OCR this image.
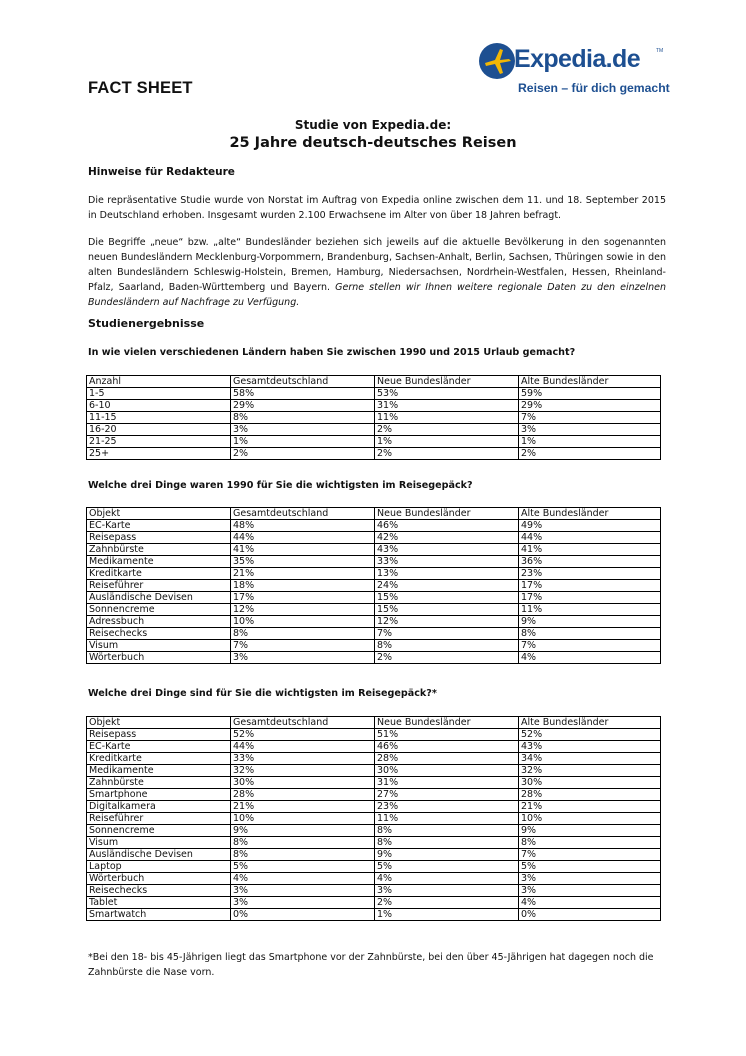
FACT SHEET
Expedia.de	TM
Reisen – für dich gemacht

Studie von Expedia.de:

25 Jahre deutsch-deutsches Reisen
Hinweise für Redakteure

Die repräsentative Studie wurde von Norstat im Auftrag von Expedia online zwischen dem 11. und 18. September 2015 in Deutschland erhoben. Insgesamt wurden 2.100 Erwachsene im Alter von über 18 Jahren befragt.

Die Begriffe „neue“ bzw. „alte“ Bundesländer beziehen sich jeweils auf die aktuelle Bevölkerung in den sogenannten neuen Bundesländern Mecklenburg-Vorpommern, Brandenburg, Sachsen-Anhalt, Berlin, Sachsen, Thüringen sowie in den alten Bundesländern Schleswig-Holstein, Bremen, Hamburg, Niedersachsen, Nordrhein-Westfalen, Hessen, Rheinland-Pfalz, Saarland, Baden-Württemberg und Bayern. Gerne stellen wir Ihnen weitere regionale Daten zu den einzelnen Bundesländern auf Nachfrage zu Verfügung.

Studienergebnisse

In wie vielen verschiedenen Ländern haben Sie zwischen 1990 und 2015 Urlaub gemacht?

Anzahl	Gesamtdeutschland	Neue Bundesländer	Alte Bundesländer
1-5	58%	53%	59%
6-10	29%	31%	29%
11-15	8%	11%	7%
16-20	3%	2%	3%
21-25	1%	1%	1%
25+	2%	2%	2%

Welche drei Dinge waren 1990 für Sie die wichtigsten im Reisegepäck?

Objekt	Gesamtdeutschland	Neue Bundesländer	Alte Bundesländer
EC-Karte	48%	46%	49%
Reisepass	44%	42%	44%
Zahnbürste	41%	43%	41%
Medikamente	35%	33%	36%
Kreditkarte	21%	13%	23%
Reiseführer	18%	24%	17%
Ausländische Devisen	17%	15%	17%
Sonnencreme	12%	15%	11%
Adressbuch	10%	12%	9%
Reisechecks	8%	7%	8%
Visum	7%	8%	7%
Wörterbuch	3%	2%	4%

Welche drei Dinge sind für Sie die wichtigsten im Reisegepäck?*

Objekt	Gesamtdeutschland	Neue Bundesländer	Alte Bundesländer
Reisepass	52%	51%	52%
EC-Karte	44%	46%	43%
Kreditkarte	33%	28%	34%
Medikamente	32%	30%	32%
Zahnbürste	30%	31%	30%
Smartphone	28%	27%	28%
Digitalkamera	21%	23%	21%
Reiseführer	10%	11%	10%
Sonnencreme	9%	8%	9%
Visum	8%	8%	8%
Ausländische Devisen	8%	9%	7%
Laptop	5%	5%	5%
Wörterbuch	4%	4%	3%
Reisechecks	3%	3%	3%
Tablet	3%	2%	4%
Smartwatch	0%	1%	0%

*Bei den 18- bis 45-Jährigen liegt das Smartphone vor der Zahnbürste, bei den über 45-Jährigen hat dagegen noch die Zahnbürste die Nase vorn.
